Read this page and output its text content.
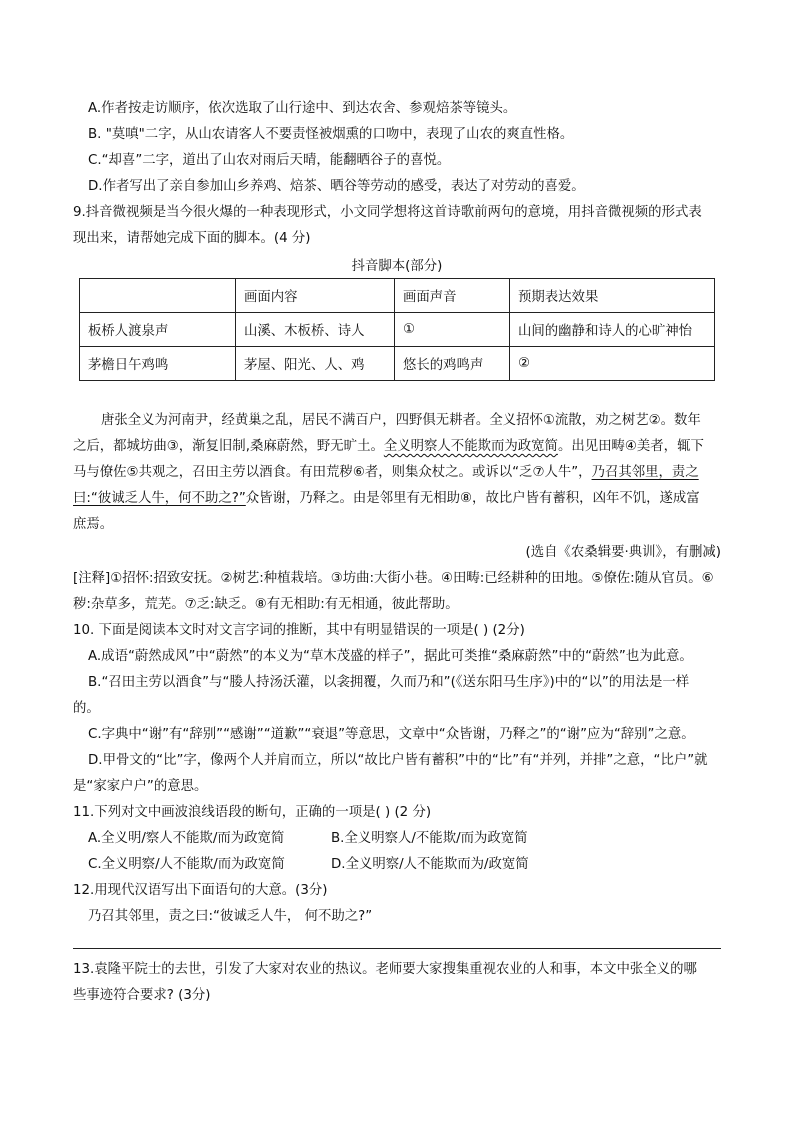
A.作者按走访顺序，依次选取了山行途中、到达农舍、参观焙茶等镜头。
B. "莫嗔"二字，从山农请客人不要责怪被烟熏的口吻中，表现了山农的爽直性格。
C.“却喜”二字，道出了山农对雨后天晴，能翻晒谷子的喜悦。
D.作者写出了亲自参加山乡养鸡、焙茶、晒谷等劳动的感受，表达了对劳动的喜爱。
9.抖音微视频是当今很火爆的一种表现形式，小文同学想将这首诗歌前两句的意境，用抖音微视频的形式表
现出来，请帮她完成下面的脚本。(4 分)
抖音脚本(部分)
	画面内容	画面声音	预期表达效果
板桥人渡泉声	山溪、木板桥、诗人	①	山间的幽静和诗人的心旷神怡
茅檐日午鸡鸣	茅屋、阳光、人、鸡	悠长的鸡鸣声	②
唐张全义为河南尹，经黄巢之乱，居民不满百户，四野俱无耕者。全义招怀①流散，劝之树艺②。数年
之后，都城坊曲③，渐复旧制,桑麻蔚然，野无旷土。全义明察人不能欺而为政宽简。出见田畴④美者，辄下
马与僚佐⑤共观之，召田主劳以酒食。有田荒秽⑥者，则集众杖之。或诉以“乏⑦人牛”，乃召其邻里，责之
曰:“彼诚乏人牛，何不助之?”众皆谢，乃释之。由是邻里有无相助⑧，故比户皆有蓄积，凶年不饥，遂成富
庶焉。
(选自《农桑辑要·典训》，有删减)
[注释]①招怀:招致安抚。②树艺:种植栽培。③坊曲:大街小巷。④田畴:已经耕种的田地。⑤僚佐:随从官员。⑥
秽:杂草多，荒芜。⑦乏:缺乏。⑧有无相助:有无相通，彼此帮助。
10. 下面是阅读本文时对文言字词的推断，其中有明显错误的一项是( ) (2分)
A.成语“蔚然成风”中“蔚然”的本义为“草木茂盛的样子”，据此可类推“桑麻蔚然”中的“蔚然”也为此意。
B.“召田主劳以酒食”与“媵人持汤沃灌，以衾拥覆，久而乃和”(《送东阳马生序》)中的“以”的用法是一样
的。
C.字典中“谢”有“辞别”“感谢”“道歉”“衰退”等意思，文章中“众皆谢，乃释之”的“谢”应为“辞别”之意。
D.甲骨文的“比”字，像两个人并肩而立，所以“故比户皆有蓄积”中的“比”有“并列，并排”之意，“比户”就
是“家家户户”的意思。
11.下列对文中画波浪线语段的断句，正确的一项是( ) (2 分)
A.全义明/察人不能欺/而为政宽简	B.全义明察人/不能欺/而为政宽简
C.全义明察/人不能欺/而为政宽简	D.全义明察/人不能欺而为/政宽简
12.用现代汉语写出下面语句的大意。(3分)
乃召其邻里，责之曰:“彼诚乏人牛， 何不助之?”
13.袁隆平院士的去世，引发了大家对农业的热议。老师要大家搜集重视农业的人和事，本文中张全义的哪
些事迹符合要求? (3分)
